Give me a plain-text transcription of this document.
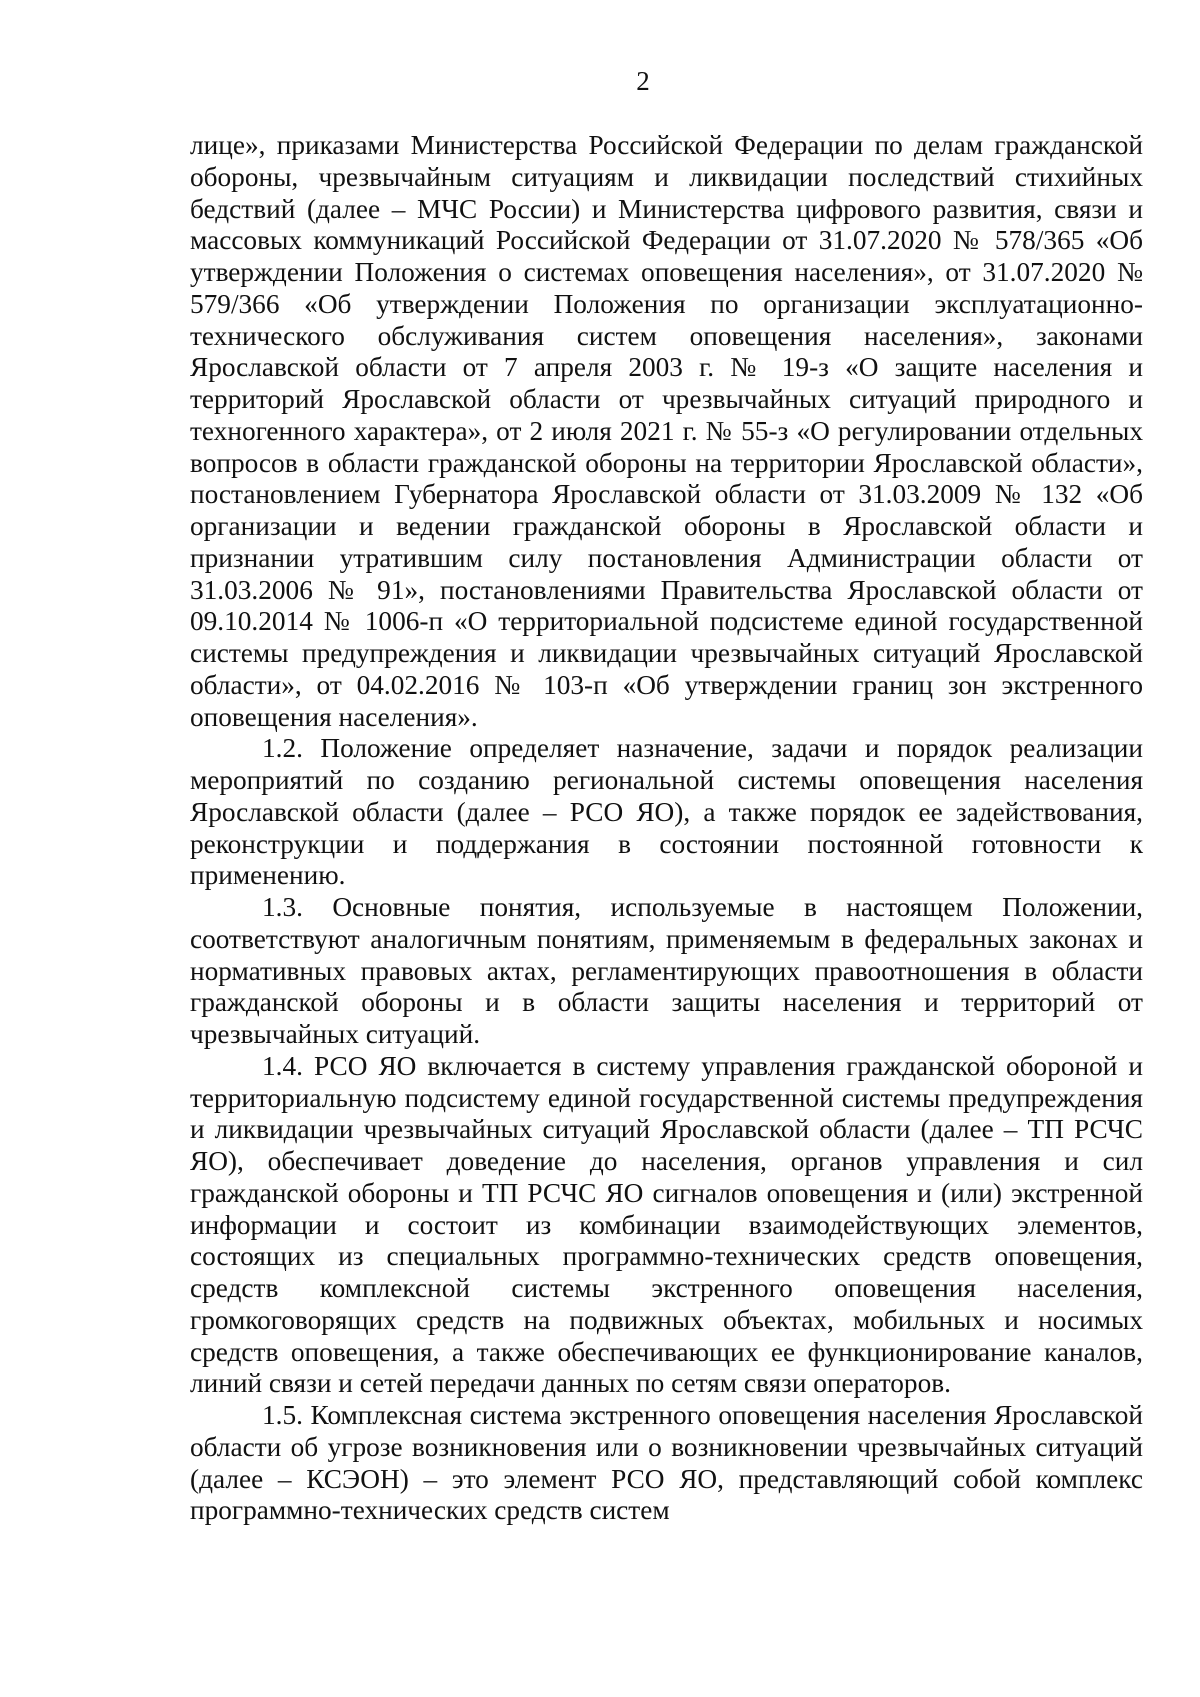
2

лице», приказами Министерства Российской Федерации по делам гражданской обороны, чрезвычайным ситуациям и ликвидации последствий стихийных бедствий (далее – МЧС России) и Министерства цифрового развития, связи и массовых коммуникаций Российской Федерации от 31.07.2020 № 578/365 «Об утверждении Положения о системах оповещения населения», от 31.07.2020 № 579/366 «Об утверждении Положения по организации эксплуатационно-технического обслуживания систем оповещения населения», законами Ярославской области от 7 апреля 2003 г. № 19-з «О защите населения и территорий Ярославской области от чрезвычайных ситуаций природного и техногенного характера», от 2 июля 2021 г. № 55-з «О регулировании отдельных вопросов в области гражданской обороны на территории Ярославской области», постановлением Губернатора Ярославской области от 31.03.2009 № 132 «Об организации и ведении гражданской обороны в Ярославской области и признании утратившим силу постановления Администрации области от 31.03.2006 № 91», постановлениями Правительства Ярославской области от 09.10.2014 № 1006-п «О территориальной подсистеме единой государственной системы предупреждения и ликвидации чрезвычайных ситуаций Ярославской области», от 04.02.2016 № 103-п «Об утверждении границ зон экстренного оповещения населения».

1.2. Положение определяет назначение, задачи и порядок реализации мероприятий по созданию региональной системы оповещения населения Ярославской области (далее – РСО ЯО), а также порядок ее задействования, реконструкции и поддержания в состоянии постоянной готовности к применению.

1.3. Основные понятия, используемые в настоящем Положении, соответствуют аналогичным понятиям, применяемым в федеральных законах и нормативных правовых актах, регламентирующих правоотношения в области гражданской обороны и в области защиты населения и территорий от чрезвычайных ситуаций.

1.4. РСО ЯО включается в систему управления гражданской обороной и территориальную подсистему единой государственной системы предупреждения и ликвидации чрезвычайных ситуаций Ярославской области (далее – ТП РСЧС ЯО), обеспечивает доведение до населения, органов управления и сил гражданской обороны и ТП РСЧС ЯО сигналов оповещения и (или) экстренной информации и состоит из комбинации взаимодействующих элементов, состоящих из специальных программно-технических средств оповещения, средств комплексной системы экстренного оповещения населения, громкоговорящих средств на подвижных объектах, мобильных и носимых средств оповещения, а также обеспечивающих ее функционирование каналов, линий связи и сетей передачи данных по сетям связи операторов.

1.5. Комплексная система экстренного оповещения населения Ярославской области об угрозе возникновения или о возникновении чрезвычайных ситуаций (далее – КСЭОН) – это элемент РСО ЯО, представляющий собой комплекс программно-технических средств систем
